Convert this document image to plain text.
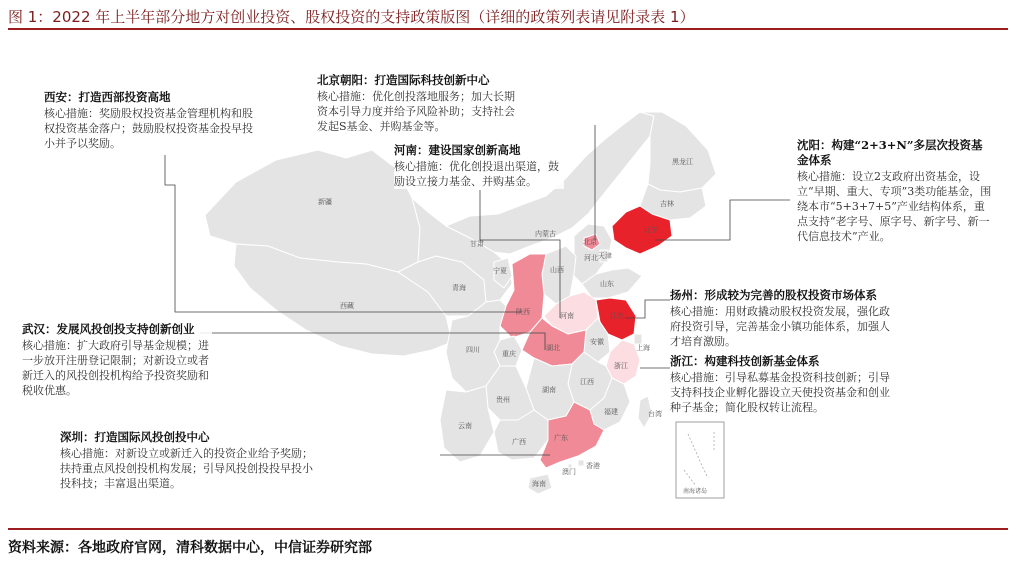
图 1：2022 年上半年部分地方对创业投资、股权投资的支持政策版图（详细的政策列表请见附录表 1）
新疆
西藏
青海
甘肃
内蒙古
黑龙江
吉林
辽宁
河北
北京
天津
山西
宁夏
陕西
山东
河南	江苏
安徽
上海
湖北
重庆
四川
浙江
江西
湖南
贵州
福建
云南
广西	广东
香港
澳门
海南
台湾
南海诸岛
西安：打造西部投资高地
核心措施：奖励股权投资基金管理机构和股权投资基金落户；鼓励股权投资基金投早投小并予以奖励。
北京朝阳：打造国际科技创新中心
核心措施：优化创投落地服务；加大长期资本引导力度并给予风险补助；支持社会发起S基金、并购基金等。
河南：建设国家创新高地
核心措施：优化创投退出渠道，鼓励设立接力基金、并购基金。
沈阳：构建“2+3+N”多层次投资基金体系
核心措施：设立2支政府出资基金，设立“早期、重大、专项”3类功能基金，围绕本市“5+3+7+5”产业结构体系，重点支持“老字号、原字号、新字号、新一代信息技术”产业。
武汉：发展风投创投支持创新创业
核心措施：扩大政府引导基金规模；进一步放开注册登记限制；对新设立或者新迁入的风投创投机构给予投资奖励和税收优惠。
扬州：形成较为完善的股权投资市场体系
核心措施：用财政撬动股权投资发展，强化政府投资引导，完善基金小镇功能体系，加强人才培育激励。
浙江：构建科技创新基金体系
核心措施：引导私募基金投资科技创新；引导支持科技企业孵化器设立天使投资基金和创业种子基金；简化股权转让流程。
深圳：打造国际风投创投中心
核心措施：对新设立或新迁入的投资企业给予奖励；扶持重点风投创投机构发展；引导风投创投投早投小投科技；丰富退出渠道。
资料来源：各地政府官网，清科数据中心，中信证券研究部
